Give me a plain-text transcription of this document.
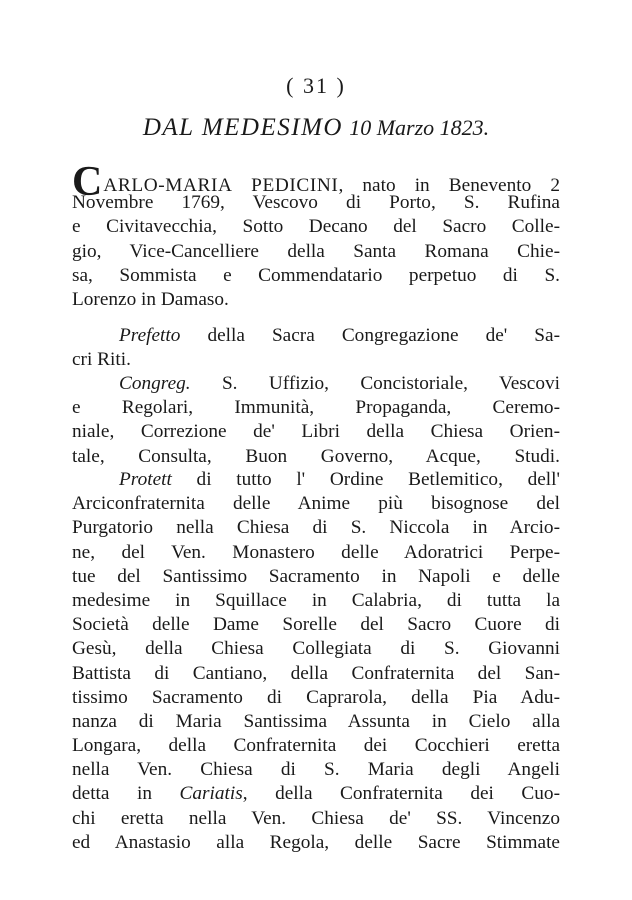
( 31 )
DAL MEDESIMO 10 Marzo 1823.
CARLO-MARIA PEDICINI, nato in Benevento 2
Novembre 1769, Vescovo di Porto, S. Rufina
e Civitavecchia, Sotto Decano del Sacro Colle-
gio, Vice-Cancelliere della Santa Romana Chie-
sa, Sommista e Commendatario perpetuo di S.
Lorenzo in Damaso.
Prefetto della Sacra Congregazione de' Sa-
cri Riti.
Congreg. S. Uffizio, Concistoriale, Vescovi
e Regolari, Immunità, Propaganda, Ceremo-
niale, Correzione de' Libri della Chiesa Orien-
tale, Consulta, Buon Governo, Acque, Studi.
Protett di tutto l' Ordine Betlemitico, dell'
Arciconfraternita delle Anime più bisognose del
Purgatorio nella Chiesa di S. Niccola in Arcio-
ne, del Ven. Monastero delle Adoratrici Perpe-
tue del Santissimo Sacramento in Napoli e delle
medesime in Squillace in Calabria, di tutta la
Società delle Dame Sorelle del Sacro Cuore di
Gesù, della Chiesa Collegiata di S. Giovanni
Battista di Cantiano, della Confraternita del San-
tissimo Sacramento di Caprarola, della Pia Adu-
nanza di Maria Santissima Assunta in Cielo alla
Longara, della Confraternita dei Cocchieri eretta
nella Ven. Chiesa di S. Maria degli Angeli
detta in Cariatis, della Confraternita dei Cuo-
chi eretta nella Ven. Chiesa de' SS. Vincenzo
ed Anastasio alla Regola, delle Sacre Stimmate
